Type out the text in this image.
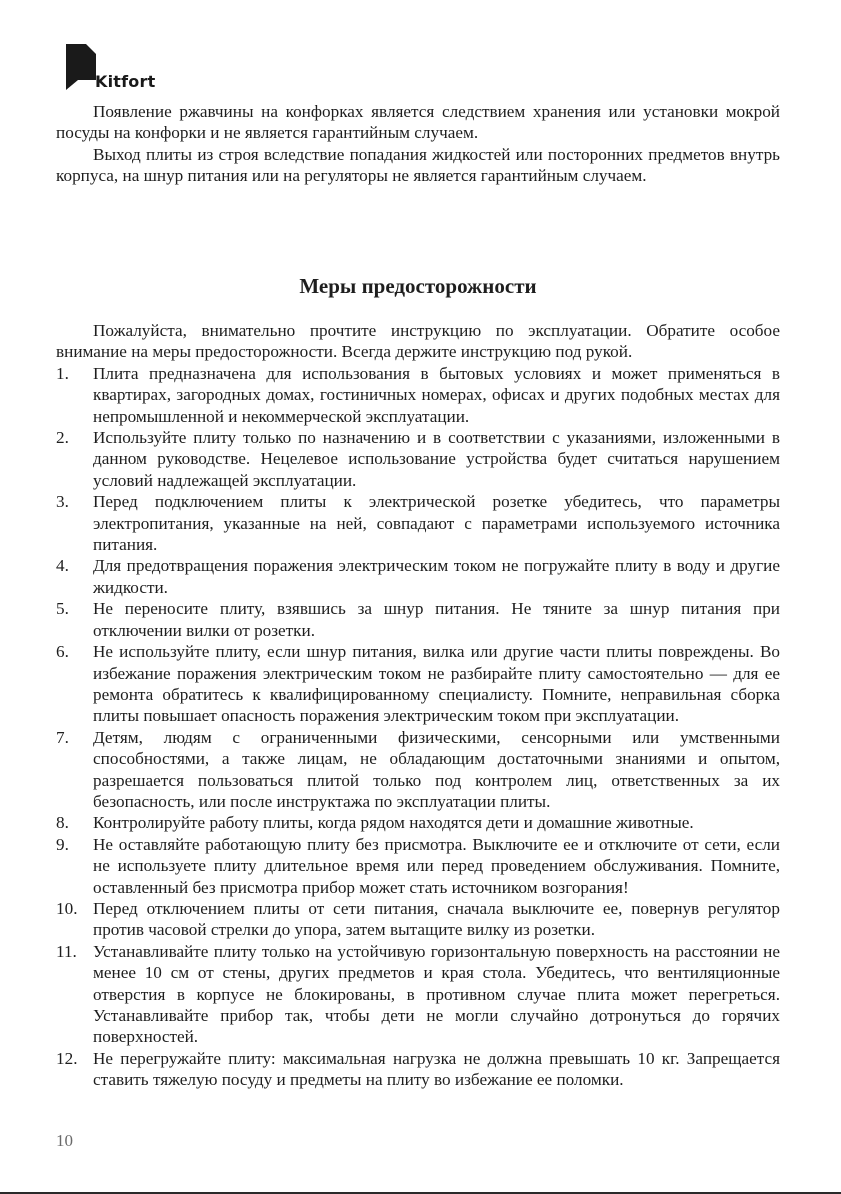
Kitfort

Появление ржавчины на конфорках является следствием хранения или установки мокрой посуды на конфорки и не является гарантийным случаем.

Выход плиты из строя вследствие попадания жидкостей или посторонних предметов внутрь корпуса, на шнур питания или на регуляторы не является гарантийным случаем.

Меры предосторожности

Пожалуйста, внимательно прочтите инструкцию по эксплуатации. Обратите особое внимание на меры предосторожности. Всегда держите инструкцию под рукой.

1.	Плита предназначена для использования в бытовых условиях и может применяться в квартирах, загородных домах, гостиничных номерах, офисах и других подобных местах для непромышленной и некоммерческой эксплуатации.
2.	Используйте плиту только по назначению и в соответствии с указаниями, изложенными в данном руководстве. Нецелевое использование устройства будет считаться нарушением условий надлежащей эксплуатации.
3.	Перед подключением плиты к электрической розетке убедитесь, что параметры электропитания, указанные на ней, совпадают с параметрами используемого источника питания.
4.	Для предотвращения поражения электрическим током не погружайте плиту в воду и другие жидкости.
5.	Не переносите плиту, взявшись за шнур питания. Не тяните за шнур питания при отключении вилки от розетки.
6.	Не используйте плиту, если шнур питания, вилка или другие части плиты повреждены. Во избежание поражения электрическим током не разбирайте плиту самостоятельно — для ее ремонта обратитесь к квалифицированному специалисту. Помните, неправильная сборка плиты повышает опасность поражения электрическим током при эксплуатации.
7.	Детям, людям с ограниченными физическими, сенсорными или умственными способностями, а также лицам, не обладающим достаточными знаниями и опытом, разрешается пользоваться плитой только под контролем лиц, ответственных за их безопасность, или после инструктажа по эксплуатации плиты.
8.	Контролируйте работу плиты, когда рядом находятся дети и домашние животные.
9.	Не оставляйте работающую плиту без присмотра. Выключите ее и отключите от сети, если не используете плиту длительное время или перед проведением обслуживания. Помните, оставленный без присмотра прибор может стать источником возгорания!
10. Перед отключением плиты от сети питания, сначала выключите ее, повернув регулятор против часовой стрелки до упора, затем вытащите вилку из розетки.
11. Устанавливайте плиту только на устойчивую горизонтальную поверхность на расстоянии не менее 10 см от стены, других предметов и края стола. Убедитесь, что вентиляционные отверстия в корпусе не блокированы, в противном случае плита может перегреться. Устанавливайте прибор так, чтобы дети не могли случайно дотронуться до горячих поверхностей.
12. Не перегружайте плиту: максимальная нагрузка не должна превышать 10 кг. Запрещается ставить тяжелую посуду и предметы на плиту во избежание ее поломки.
10
